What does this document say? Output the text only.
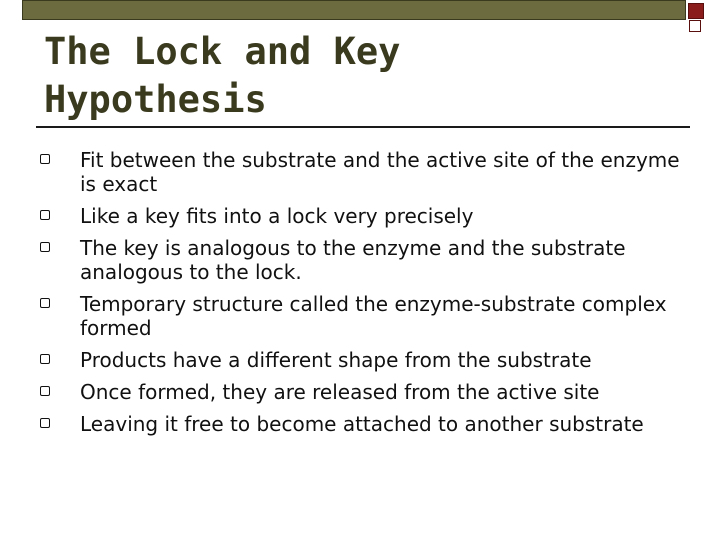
The Lock and Key
Hypothesis
Fit between the substrate and the active site of the enzyme is exact
Like a key fits into a lock very precisely
The key is analogous to the enzyme and the substrate analogous to the lock.
Temporary structure called the enzyme-substrate complex formed
Products have a different shape from the substrate
Once formed, they are released from the active site
Leaving it free to become attached to another substrate
